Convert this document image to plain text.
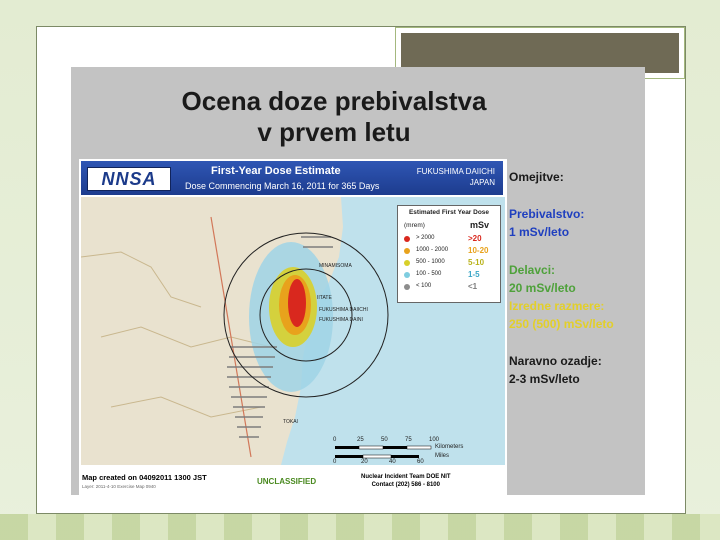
Ocena doze prebivalstva
v prvem letu
NNSA	First-Year Dose Estimate
Dose Commencing March 16, 2011 for 365 Days
FUKUSHIMA DAIICHI
JAPAN
MINAMISOMA
IITATE
FUKUSHIMA DAIICHI
FUKUSHIMA DAINI
TOKAI
Estimated First Year Dose
(mrem)	mSv
> 2000	>20
1000 - 2000 10-20
500 - 1000	5-10
100 - 500	1-5
< 100	<1
0	25	50	75	100
0	20	40	60
Kilometers
Miles
Map created on 04092011 1300 JST
Layer: 2011-4-10 Exercise Map 0940
UNCLASSIFIED	Nuclear Incident Team DOE NIT
Contact (202) 586 - 8100
Omejitve:
Prebivalstvo:
1 mSv/leto
Delavci:
20 mSv/leto
Izredne razmere:
250 (500) mSv/leto
Naravno ozadje:
2-3 mSv/leto
